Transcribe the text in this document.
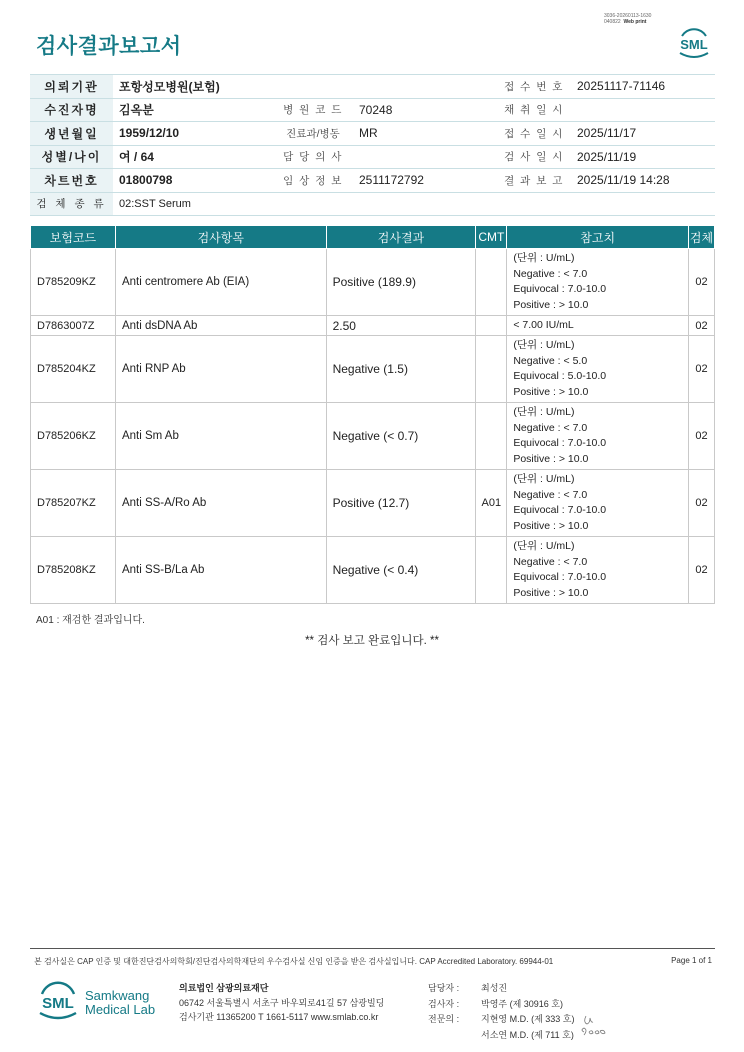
3036-20260113-1630
040822 Web print
검사결과보고서	SML
의뢰기관	포항성모병원(보험)			접 수 번 호	20251117-71146
수진자명	김옥분	병 원 코 드	70248	채 취 일 시	
생년월일	1959/12/10	진료과/병동	MR	접 수 일 시	2025/11/17
성별/나이	여 / 64	담 당 의 사		검 사 일 시	2025/11/19
차트번호	01800798	임 상 정 보	2511172792	결 과 보 고	2025/11/19 14:28
검 체 종 류	02:SST Serum				
보험코드	검사항목	검사결과	CMT	참고치	검체
D785209KZ	Anti centromere Ab (EIA)	Positive (189.9)		(단위 : U/mL)
Negative : < 7.0
Equivocal : 7.0-10.0
Positive : > 10.0	02
D7863007Z	Anti dsDNA Ab	2.50		< 7.00 IU/mL	02
D785204KZ	Anti RNP Ab	Negative (1.5)		(단위 : U/mL)
Negative : < 5.0
Equivocal : 5.0-10.0
Positive : > 10.0	02
D785206KZ	Anti Sm Ab	Negative (< 0.7)		(단위 : U/mL)
Negative : < 7.0
Equivocal : 7.0-10.0
Positive : > 10.0	02
D785207KZ	Anti SS-A/Ro Ab	Positive (12.7)	A01	(단위 : U/mL)
Negative : < 7.0
Equivocal : 7.0-10.0
Positive : > 10.0	02
D785208KZ	Anti SS-B/La Ab	Negative (< 0.4)		(단위 : U/mL)
Negative : < 7.0
Equivocal : 7.0-10.0
Positive : > 10.0	02
A01 : 재검한 결과입니다.
** 검사 보고 완료입니다. **
본 검사실은 CAP 인증 및 대한진단검사의학회/진단검사의학재단의 우수검사실 신임 인증을 받은 검사실입니다. CAP Accredited Laboratory. 69944-01	Page 1 of 1
SML Samkwang
Medical Lab
의료법인 삼광의료재단
06742 서울특별시 서초구 바우뫼로41길 57 삼광빌딩
검사기관 11365200 T 1661-5117 www.smlab.co.kr
담당자 : 최성진
검사자 : 박영주 (제 30916 호)
전문의 : 지현영 M.D. (제 333 호)
서소연 M.D. (제 711 호)
